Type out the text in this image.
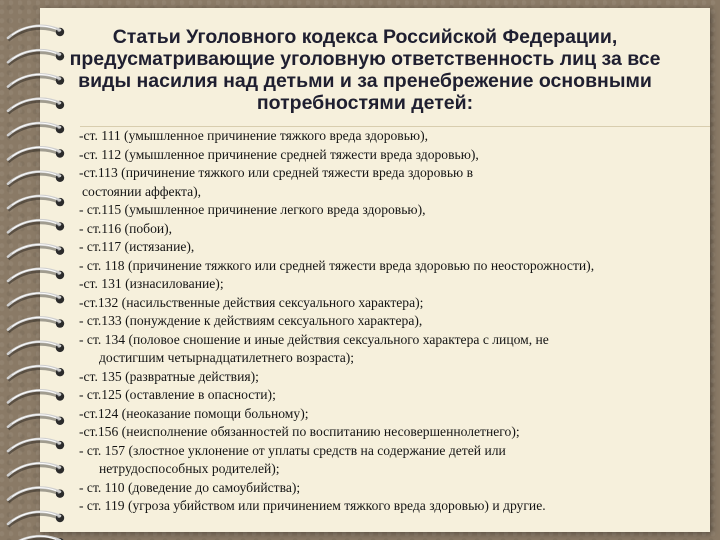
Статьи Уголовного кодекса Российской Федерации, предусматривающие уголовную ответственность лиц за все виды насилия над детьми и за пренебрежение основными потребностями детей:
-ст. 111 (умышленное причинение тяжкого вреда здоровью),
-ст. 112 (умышленное причинение средней тяжести вреда здоровью),
-ст.113 (причинение тяжкого или средней тяжести вреда здоровью в
состоянии аффекта),
- ст.115 (умышленное причинение легкого вреда здоровью),
- ст.116 (побои),
- ст.117 (истязание),
- ст. 118 (причинение тяжкого или средней тяжести вреда здоровью по неосторожности),
-ст. 131 (изнасилование);
-ст.132 (насильственные действия сексуального характера);
- ст.133 (понуждение к действиям сексуального характера),
- ст. 134 (половое сношение и иные действия сексуального характера с лицом, не
достигшим четырнадцатилетнего возраста);
-ст. 135 (развратные действия);
- ст.125 (оставление в опасности);
-ст.124 (неоказание помощи больному);
-ст.156 (неисполнение обязанностей по воспитанию несовершеннолетнего);
- ст. 157 (злостное уклонение от уплаты средств на содержание детей или
нетрудоспособных родителей);
- ст. 110 (доведение до самоубийства);
- ст. 119 (угроза убийством или причинением тяжкого вреда здоровью) и другие.
